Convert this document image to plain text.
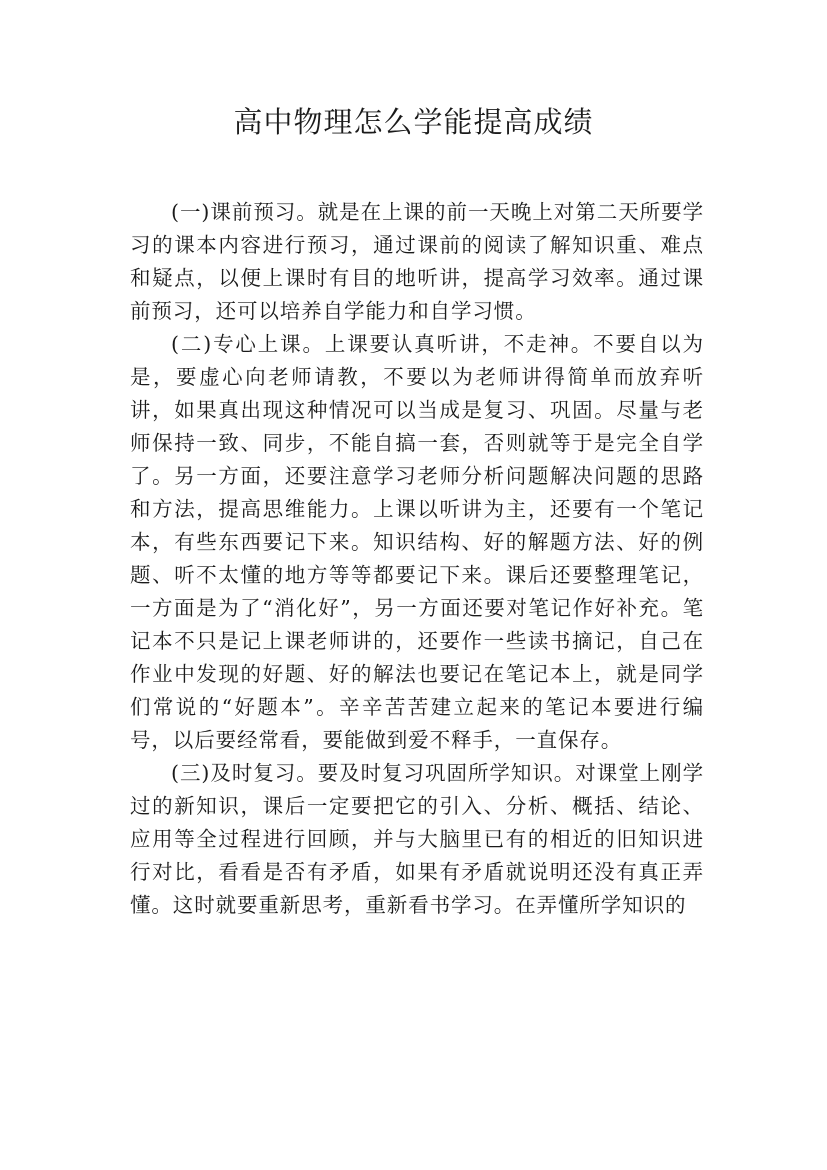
高中物理怎么学能提高成绩

(一)课前预习。就是在上课的前一天晚上对第二天所要学习的课本内容进行预习，通过课前的阅读了解知识重、难点和疑点，以便上课时有目的地听讲，提高学习效率。通过课前预习，还可以培养自学能力和自学习惯。

(二)专心上课。上课要认真听讲，不走神。不要自以为是，要虚心向老师请教，不要以为老师讲得简单而放弃听讲，如果真出现这种情况可以当成是复习、巩固。尽量与老师保持一致、同步，不能自搞一套，否则就等于是完全自学了。另一方面，还要注意学习老师分析问题解决问题的思路和方法，提高思维能力。上课以听讲为主，还要有一个笔记本，有些东西要记下来。知识结构、好的解题方法、好的例题、听不太懂的地方等等都要记下来。课后还要整理笔记，一方面是为了“消化好”，另一方面还要对笔记作好补充。笔记本不只是记上课老师讲的，还要作一些读书摘记，自己在作业中发现的好题、好的解法也要记在笔记本上，就是同学们常说的“好题本”。辛辛苦苦建立起来的笔记本要进行编号，以后要经常看，要能做到爱不释手，一直保存。

(三)及时复习。要及时复习巩固所学知识。对课堂上刚学过的新知识，课后一定要把它的引入、分析、概括、结论、应用等全过程进行回顾，并与大脑里已有的相近的旧知识进行对比，看看是否有矛盾，如果有矛盾就说明还没有真正弄懂。这时就要重新思考，重新看书学习。在弄懂所学知识的
